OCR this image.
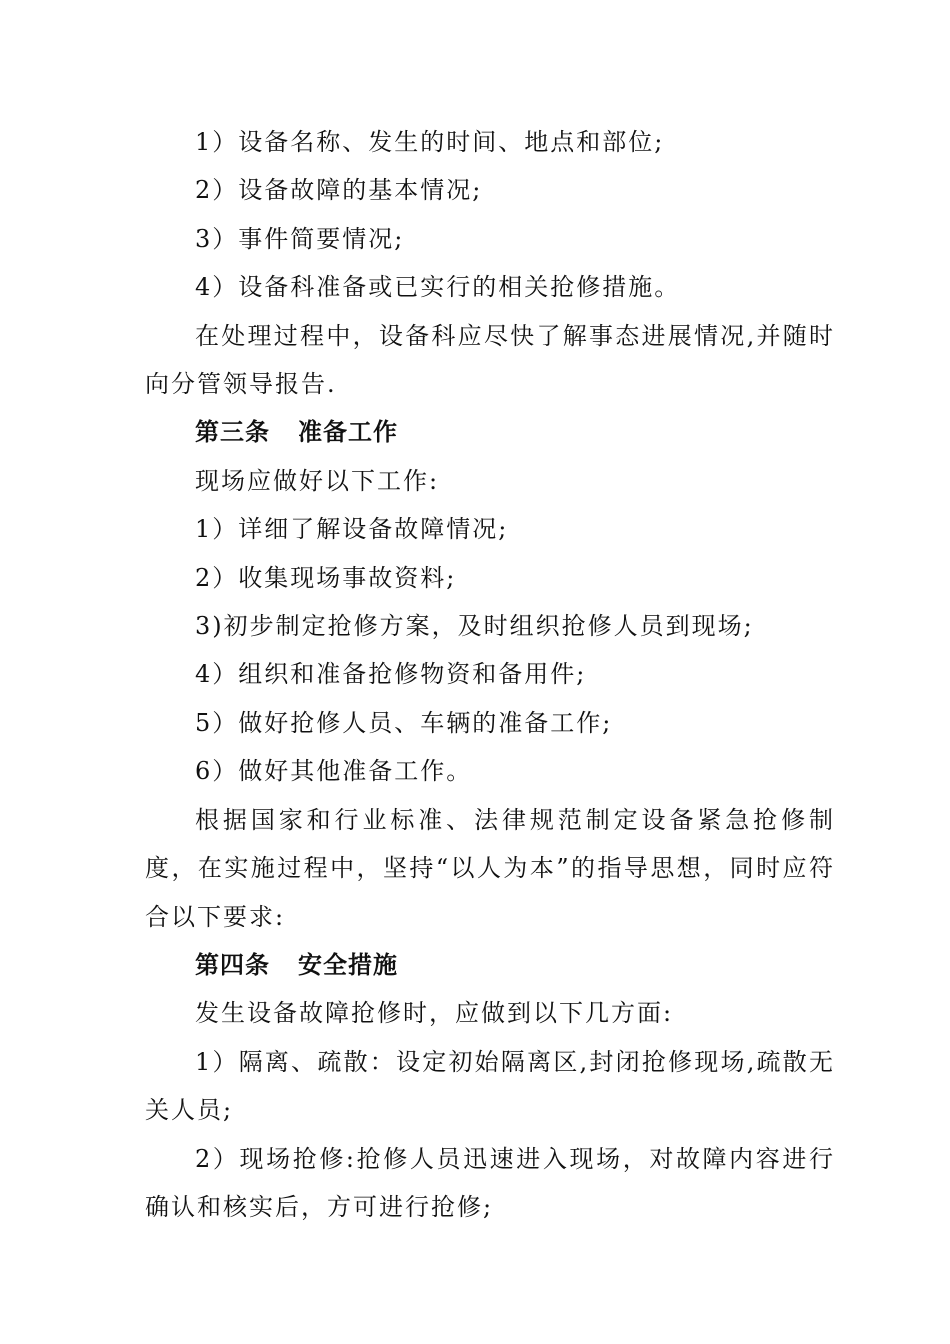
1）设备名称、发生的时间、地点和部位;

2）设备故障的基本情况;

3）事件简要情况;

4）设备科准备或已实行的相关抢修措施。

在处理过程中，设备科应尽快了解事态进展情况,并随时向分管领导报告.

第三条 准备工作

现场应做好以下工作:

1）详细了解设备故障情况;

2）收集现场事故资料;

3)初步制定抢修方案，及时组织抢修人员到现场;

4）组织和准备抢修物资和备用件;

5）做好抢修人员、车辆的准备工作;

6）做好其他准备工作。

根据国家和行业标准、法律规范制定设备紧急抢修制度，在实施过程中，坚持“以人为本”的指导思想，同时应符合以下要求:

第四条 安全措施

发生设备故障抢修时，应做到以下几方面:

1）隔离、疏散：设定初始隔离区,封闭抢修现场,疏散无关人员;

2）现场抢修:抢修人员迅速进入现场，对故障内容进行确认和核实后，方可进行抢修;
